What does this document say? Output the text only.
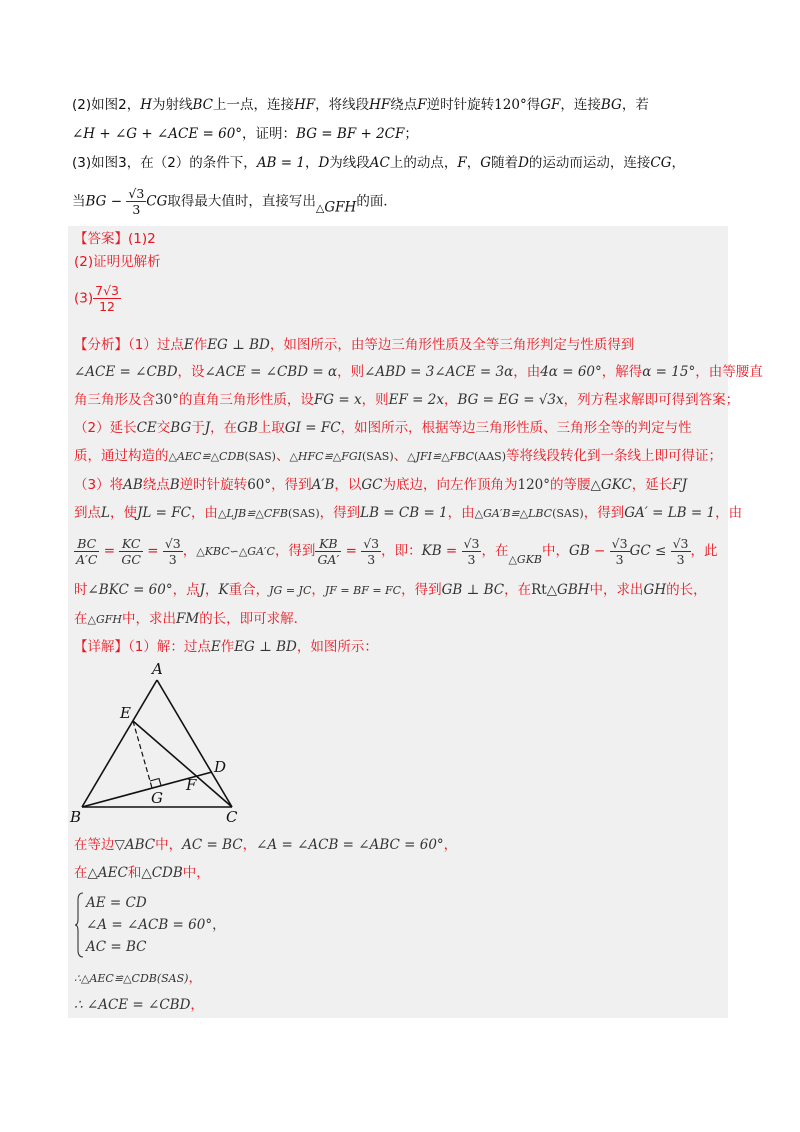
(2)如图2，H为射线BC上一点，连接HF，将线段HF绕点F逆时针旋转120°得GF，连接BG，若
∠H + ∠G + ∠ACE = 60°，证明：BG = BF + 2CF；
(3)如图3，在（2）的条件下，AB = 1，D为线段AC上的动点，F，G随着D的运动而运动，连接CG，
当BG − $\frac{√3}{3}$ CG取得最大值时，直接写出$_\triangle$GFH的面．
【答案】(1)2
(2)证明见解析
$(3) \frac{7√3}{12}$
【分析】（1）过点E作EG ⊥ BD，如图所示，由等边三角形性质及全等三角形判定与性质得到
∠ACE = ∠CBD，设∠ACE = ∠CBD = α，则∠ABD = 3∠ACE = 3α，由4α = 60°，解得α = 15°，由等腰直
角三角形及含30°的直角三角形性质，设FG = x，则EF = 2x，BG = EG = √3x，列方程求解即可得到答案；
（2）延长CE交BG于J，在GB上取GI = FC，如图所示，根据等边三角形性质、三角形全等的判定与性
质，通过构造的△AEC≌△CDB(SAS)、△HFC≌△FGI(SAS)、△JFI≌△FBC(AAS)等将线段转化到一条线上即可得证；
（3）将AB绕点B逆时针旋转60°，得到A′B，以GC为底边，向左作顶角为120°的等腰△GKC，延长FJ
到点L，使JL = FC，由△LJB≌△CFB(SAS)，得到LB = CB = 1，由△GA′B≌△LBC(SAS)，得到GA′ = LB = 1，由
$\frac{BC}{A'C} = \frac{KC}{GC} = \frac{√3}{3}$ ，△KBC∽△GA′C，得到 $\frac{KB}{GA'} = \frac{√3}{3}$ ，即：KB = $\frac{√3}{3}$ ，在$_{\triangle GKB}$中，GB − $\frac{√3}{3}$ GC ≤ $\frac{√3}{3}$ ，此
时∠BKC = 60°，点J，K重合，JG = JC，JF = BF = FC，得到GB ⊥ BC，在Rt△GBH中，求出GH的长，
在△GFH中，求出FM的长，即可求解．
【详解】（1）解：过点E作EG ⊥ BD，如图所示：
A
E
D
F
G
B	C
在等边▽ABC中，AC = BC，∠A = ∠ACB = ∠ABC = 60°，
在△AEC和△CDB中，
AE = CD
∠A = ∠ACB = 60°，
AC = BC
∴△AEC≌△CDB(SAS)，
∴ ∠ACE = ∠CBD，
